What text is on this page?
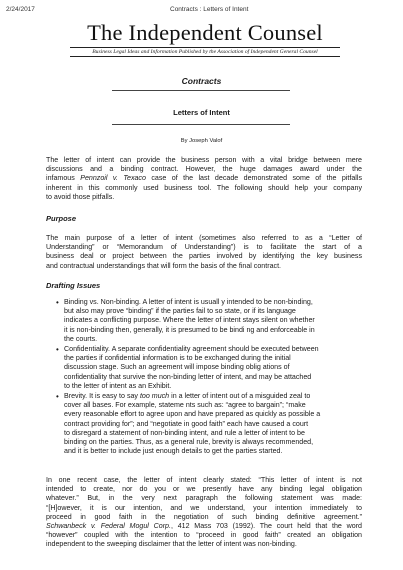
2/24/2017	Contracts : Letters of Intent
The Independent Counsel
Business Legal Ideas and Information Published by the Association of Independent General Counsel
Contracts
Letters of Intent
By Joseph Valof
The letter of intent can provide the business person with a vital bridge between mere
discussions and a binding contract. However, the huge damages award under the
infamous Pennzoil v. Texaco case of the last decade demonstrated some of the pitfalls
inherent in this commonly used business tool. The following should help your company
to avoid those pitfalls.
Purpose
The main purpose of a letter of intent (sometimes also referred to as a “Letter of
Understanding” or “Memorandum of Understanding”) is to facilitate the start of a
business deal or project between the parties involved by identifying the key business
and contractual understandings that will form the basis of the final contract.
Drafting Issues
• Binding vs. Non-binding. A letter of intent is usuall y intended to be non-binding,
but also may prove “binding” if the parties fail to so state, or if its language
indicates a conflicting purpose. Where the letter of intent stays silent on whether
it is non-binding then, generally, it is presumed to be bindi ng and enforceable in
the courts.
• Confidentiality. A separate confidentiality agreement should be executed between
the parties if confidential information is to be exchanged during the initial
discussion stage. Such an agreement will impose binding oblig ations of
confidentiality that survive the non-binding letter of intent, and may be attached
to the letter of intent as an Exhibit.
• Brevity. It is easy to say too much in a letter of intent out of a misguided zeal to
cover all bases. For example, stateme nts such as: “agree to bargain”; “make
every reasonable effort to agree upon and have prepared as quickly as possible a
contract providing for”; and “negotiate in good faith” each have caused a court
to disregard a statement of non-binding intent, and rule a letter of intent to be
binding on the parties. Thus, as a general rule, brevity is always recommended,
and it is better to include just enough details to get the parties started.
In one recent case, the letter of intent clearly stated: “This letter of intent is not
intended to create, nor do you or we presently have any binding legal obligation
whatever.” But, in the very next paragraph the following statement was made:
“[H]owever, it is our intention, and we understand, your intention immediately to
proceed in good faith in the negotiation of such binding definitive agreement.”
Schwanbeck v. Federal Mogul Corp., 412 Mass 703 (1992). The court held that the word
“however” coupled with the intention to “proceed in good faith” created an obligation
independent to the sweeping disclaimer that the letter of intent was non-binding.
